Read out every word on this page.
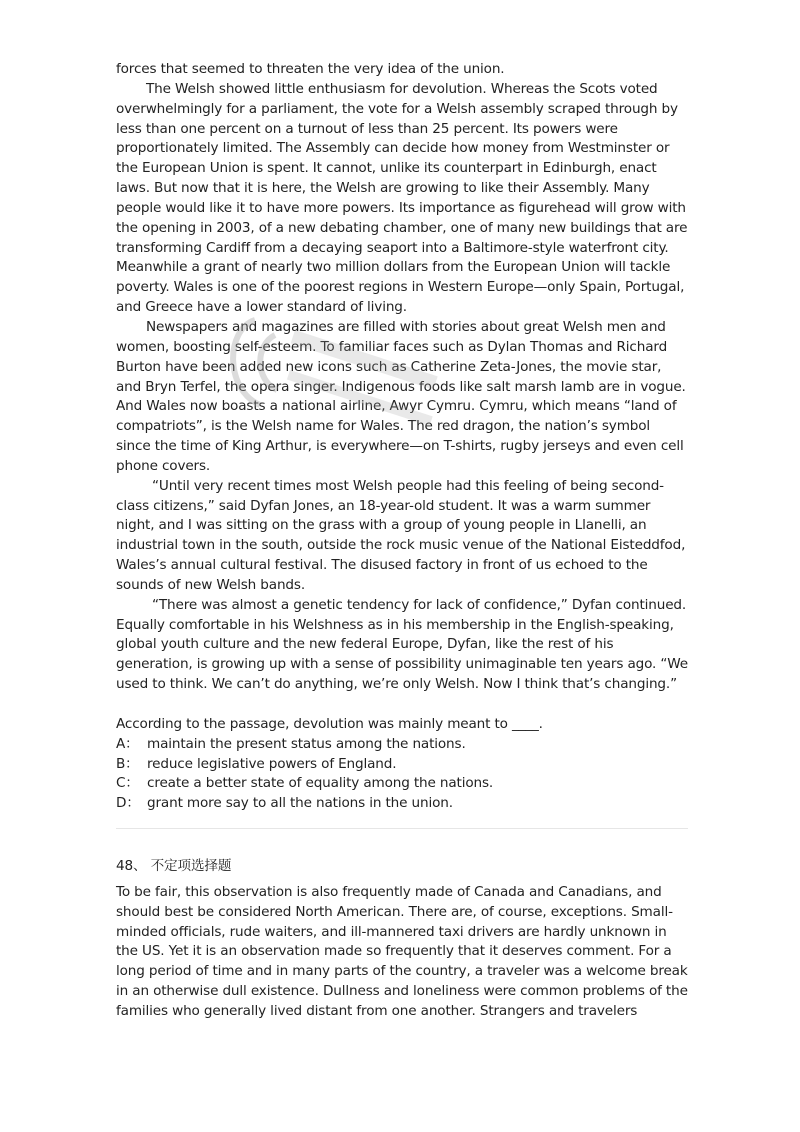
forces that seemed to threaten the very idea of the union.

The Welsh showed little enthusiasm for devolution. Whereas the Scots voted overwhelmingly for a parliament, the vote for a Welsh assembly scraped through by less than one percent on a turnout of less than 25 percent. Its powers were proportionately limited. The Assembly can decide how money from Westminster or the European Union is spent. It cannot, unlike its counterpart in Edinburgh, enact laws. But now that it is here, the Welsh are growing to like their Assembly. Many people would like it to have more powers. Its importance as figurehead will grow with the opening in 2003, of a new debating chamber, one of many new buildings that are transforming Cardiff from a decaying seaport into a Baltimore-style waterfront city. Meanwhile a grant of nearly two million dollars from the European Union will tackle poverty. Wales is one of the poorest regions in Western Europe—only Spain, Portugal, and Greece have a lower standard of living.

Newspapers and magazines are filled with stories about great Welsh men and women, boosting self-esteem. To familiar faces such as Dylan Thomas and Richard Burton have been added new icons such as Catherine Zeta-Jones, the movie star, and Bryn Terfel, the opera singer. Indigenous foods like salt marsh lamb are in vogue. And Wales now boasts a national airline, Awyr Cymru. Cymru, which means “land of compatriots”, is the Welsh name for Wales. The red dragon, the nation’s symbol since the time of King Arthur, is everywhere—on T-shirts, rugby jerseys and even cell phone covers.

“Until very recent times most Welsh people had this feeling of being second-class citizens,” said Dyfan Jones, an 18-year-old student. It was a warm summer night, and I was sitting on the grass with a group of young people in Llanelli, an industrial town in the south, outside the rock music venue of the National Eisteddfod, Wales’s annual cultural festival. The disused factory in front of us echoed to the sounds of new Welsh bands.

“There was almost a genetic tendency for lack of confidence,” Dyfan continued. Equally comfortable in his Welshness as in his membership in the English-speaking, global youth culture and the new federal Europe, Dyfan, like the rest of his generation, is growing up with a sense of possibility unimaginable ten years ago. “We used to think. We can’t do anything, we’re only Welsh. Now I think that’s changing.”

According to the passage, devolution was mainly meant to ____.

A： maintain the present status among the nations.
B： reduce legislative powers of England.
C： create a better state of equality among the nations.
D： grant more say to all the nations in the union.

48、 不定项选择题

To be fair, this observation is also frequently made of Canada and Canadians, and should best be considered North American. There are, of course, exceptions. Small-minded officials, rude waiters, and ill-mannered taxi drivers are hardly unknown in the US. Yet it is an observation made so frequently that it deserves comment. For a long period of time and in many parts of the country, a traveler was a welcome break in an otherwise dull existence. Dullness and loneliness were common problems of the families who generally lived distant from one another. Strangers and travelers
